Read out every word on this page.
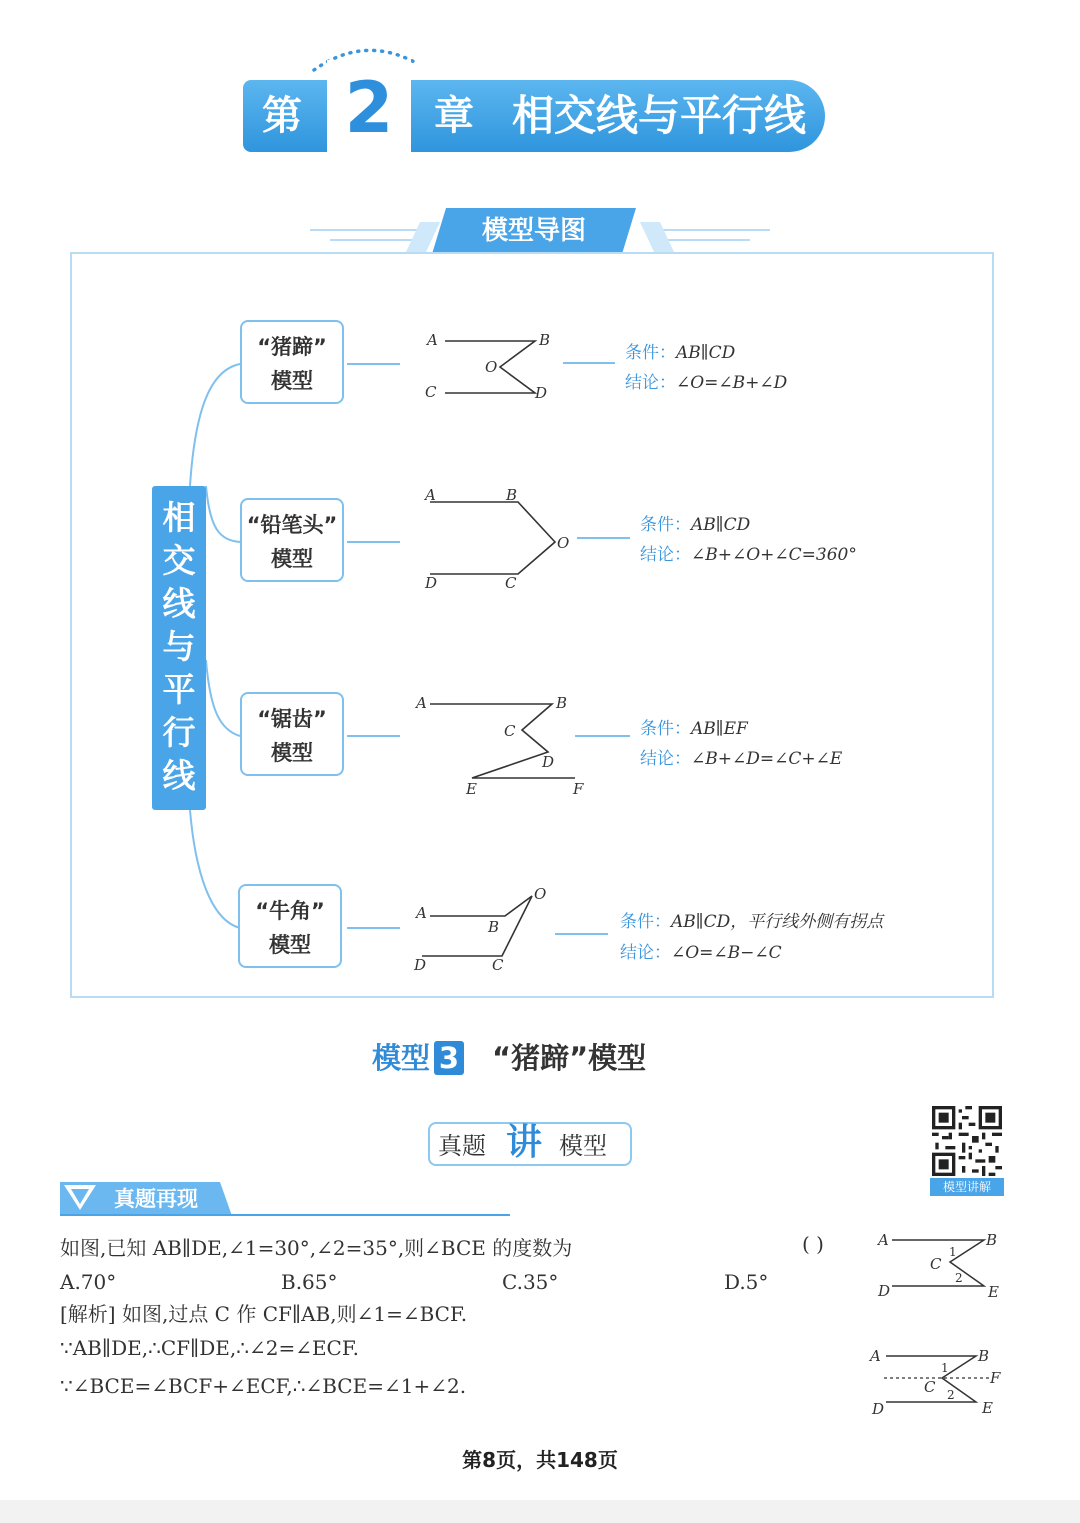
第 2	章 相交线与平行线
模型导图
相交线与平行线
“猪蹄”
模型
A	B
O
C	D
条件：AB∥CD
结论：∠O=∠B+∠D
“铅笔头”
模型
A	B
O
D	C
条件：AB∥CD
结论：∠B+∠O+∠C=360°
“锯齿”
模型
A	B
C
D
E	F
条件：AB∥EF
结论：∠B+∠D=∠C+∠E
“牛角”
模型
O
A
B
D	C
条件：AB∥CD，平行线外侧有拐点
结论：∠O=∠B−∠C
模型 3 “猪蹄”模型
真题 讲 模型
模型讲解
真题再现
如图,已知 AB∥DE,∠1=30°,∠2=35°,则∠BCE 的度数为	( )
A.70°	B.65°	C.35°	D.5°
[解析] 如图,过点 C 作 CF∥AB,则∠1=∠BCF.
∵AB∥DE,∴CF∥DE,∴∠2=∠ECF.
∵∠BCE=∠BCF+∠ECF,∴∠BCE=∠1+∠2.
A	B
C
1
2
D	E
A	B
1
F
C 2
D	E
第8页，共148页
